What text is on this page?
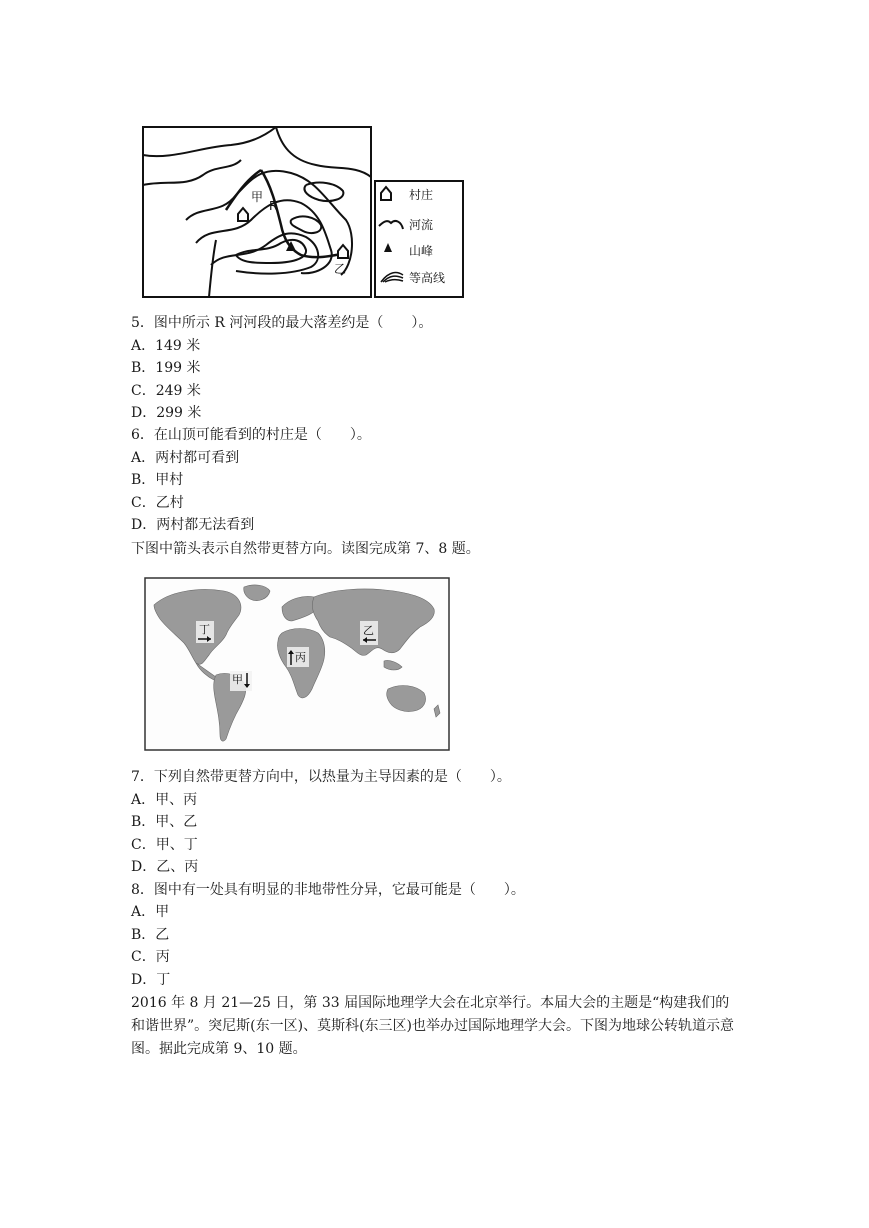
甲
R
乙
村庄
河流
山峰
等高线
5．图中所示 R 河河段的最大落差约是（　　）。
A．149 米
B．199 米
C．249 米
D．299 米
6．在山顶可能看到的村庄是（　　）。
A．两村都可看到
B．甲村
C．乙村
D．两村都无法看到
下图中箭头表示自然带更替方向。读图完成第 7、8 题。
丁	乙
丙
甲
7．下列自然带更替方向中，以热量为主导因素的是（　　）。
A．甲、丙
B．甲、乙
C．甲、丁
D．乙、丙
8．图中有一处具有明显的非地带性分异，它最可能是（　　）。
A．甲
B．乙
C．丙
D．丁
2016 年 8 月 21—25 日，第 33 届国际地理学大会在北京举行。本届大会的主题是“构建我们的和谐世界”。突尼斯(东一区)、莫斯科(东三区)也举办过国际地理学大会。下图为地球公转轨道示意图。据此完成第 9、10 题。
